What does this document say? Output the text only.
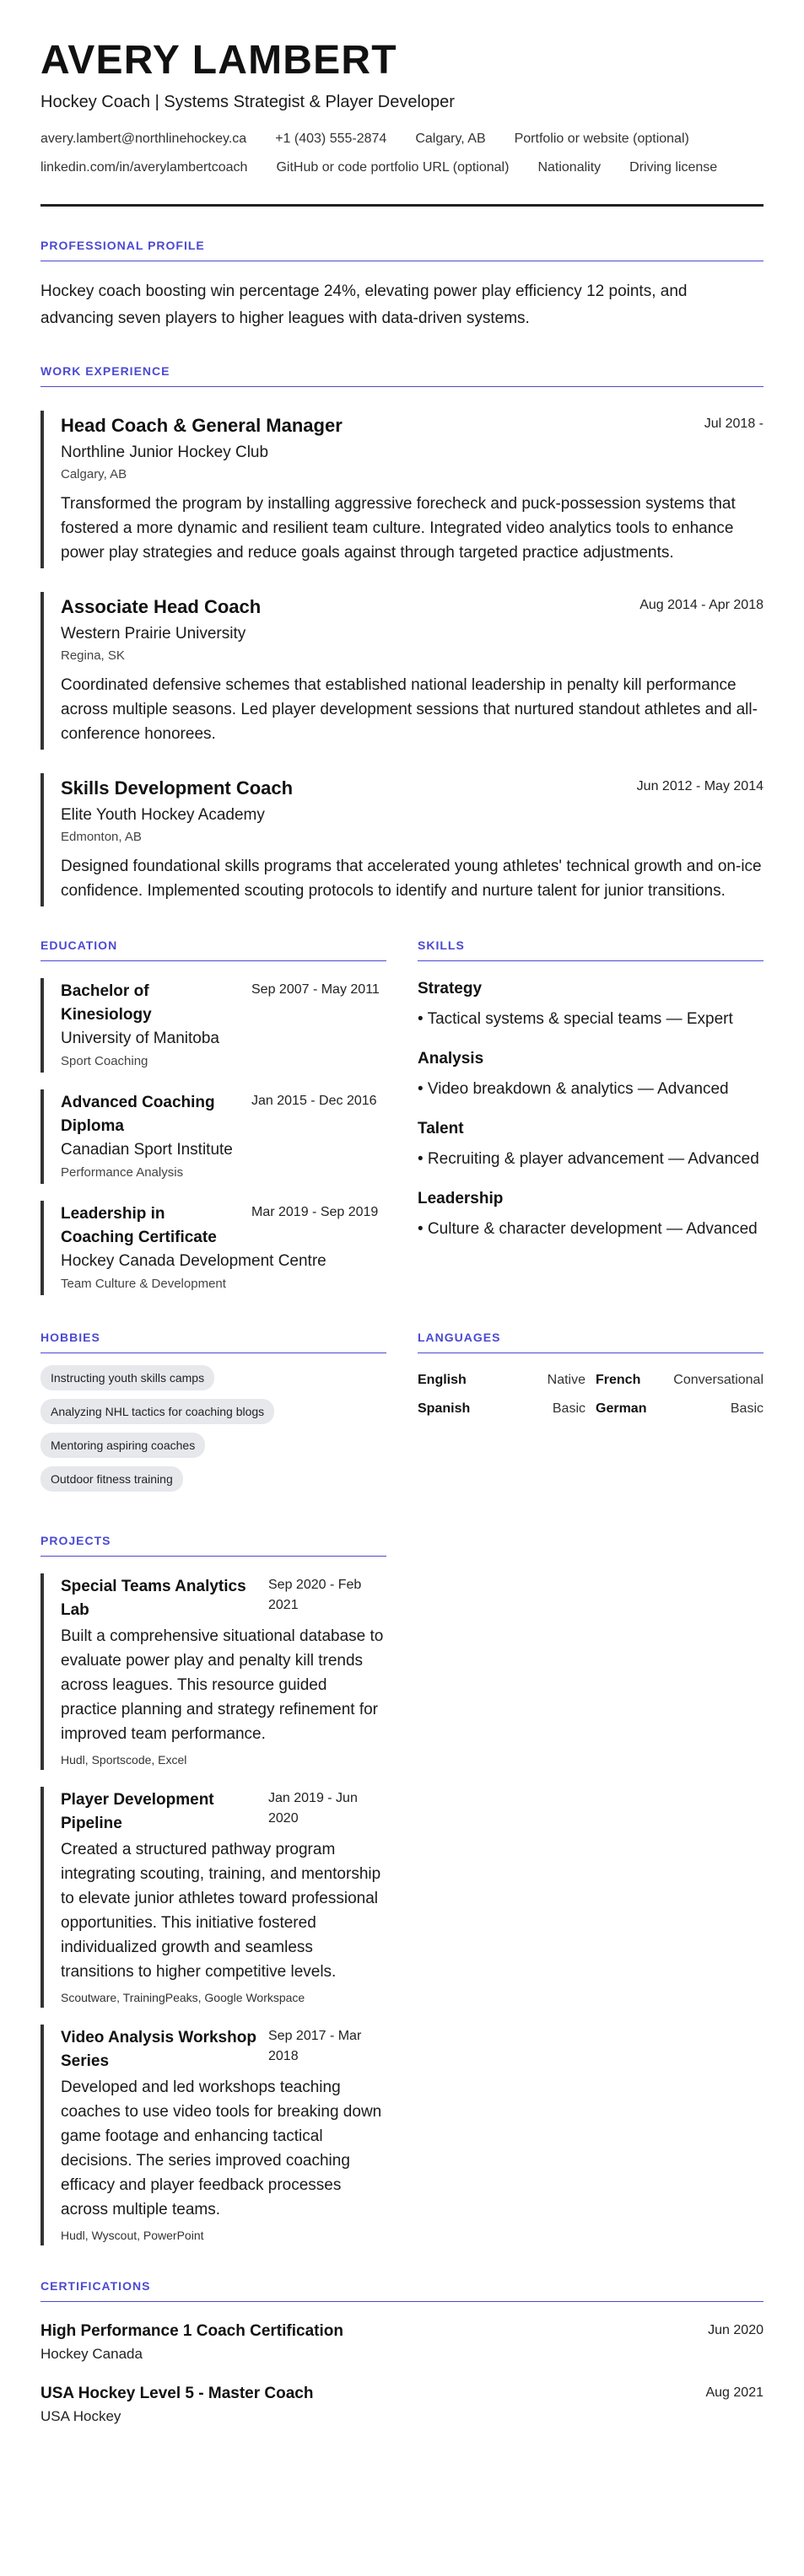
AVERY LAMBERT
Hockey Coach | Systems Strategist & Player Developer
avery.lambert@northlinehockey.ca +1 (403) 555-2874 Calgary, AB Portfolio or website (optional)
linkedin.com/in/averylambertcoach GitHub or code portfolio URL (optional) Nationality Driving license
PROFESSIONAL PROFILE
Hockey coach boosting win percentage 24%, elevating power play efficiency 12 points, and advancing seven players to higher leagues with data-driven systems.
WORK EXPERIENCE
Head Coach & General Manager	Jul 2018 -
Northline Junior Hockey Club
Calgary, AB
Transformed the program by installing aggressive forecheck and puck-possession systems that fostered a more dynamic and resilient team culture. Integrated video analytics tools to enhance power play strategies and reduce goals against through targeted practice adjustments.
Associate Head Coach	Aug 2014 - Apr 2018
Western Prairie University
Regina, SK
Coordinated defensive schemes that established national leadership in penalty kill performance across multiple seasons. Led player development sessions that nurtured standout athletes and all-conference honorees.
Skills Development Coach	Jun 2012 - May 2014
Elite Youth Hockey Academy
Edmonton, AB
Designed foundational skills programs that accelerated young athletes' technical growth and on-ice confidence. Implemented scouting protocols to identify and nurture talent for junior transitions.
EDUCATION
Bachelor of Kinesiology
Sep 2007 - May 2011
University of Manitoba
Sport Coaching
Advanced Coaching Diploma
Jan 2015 - Dec 2016
Canadian Sport Institute
Performance Analysis
Leadership in Coaching Certificate
Mar 2019 - Sep 2019
Hockey Canada Development Centre
Team Culture & Development
SKILLS
Strategy
• Tactical systems & special teams — Expert
Analysis
• Video breakdown & analytics — Advanced
Talent
• Recruiting & player advancement — Advanced
Leadership
• Culture & character development — Advanced
HOBBIES
Instructing youth skills camps
Analyzing NHL tactics for coaching blogs
Mentoring aspiring coaches
Outdoor fitness training
LANGUAGES
English	Native French Conversational
Spanish	Basic German	Basic
PROJECTS
Special Teams Analytics Lab
Sep 2020 - Feb 2021
Built a comprehensive situational database to evaluate power play and penalty kill trends across leagues. This resource guided practice planning and strategy refinement for improved team performance.
Hudl, Sportscode, Excel
Player Development Pipeline
Jan 2019 - Jun 2020
Created a structured pathway program integrating scouting, training, and mentorship to elevate junior athletes toward professional opportunities. This initiative fostered individualized growth and seamless transitions to higher competitive levels.
Scoutware, TrainingPeaks, Google Workspace
Video Analysis Workshop Series
Sep 2017 - Mar 2018
Developed and led workshops teaching coaches to use video tools for breaking down game footage and enhancing tactical decisions. The series improved coaching efficacy and player feedback processes across multiple teams.
Hudl, Wyscout, PowerPoint
CERTIFICATIONS
High Performance 1 Coach Certification	Jun 2020
Hockey Canada
USA Hockey Level 5 - Master Coach	Aug 2021
USA Hockey
